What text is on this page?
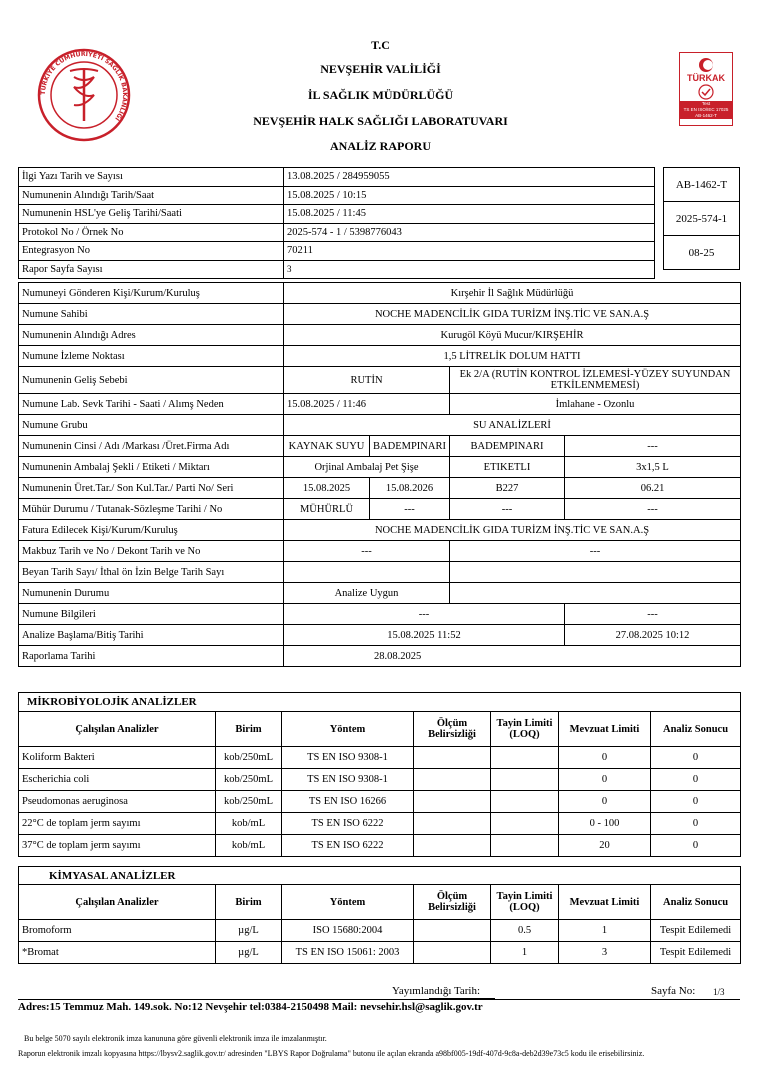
T.C
NEVŞEHİR VALİLİĞİ
İL SAĞLIK MÜDÜRLÜĞÜ
NEVŞEHİR HALK SAĞLIĞI LABORATUVARI
ANALİZ RAPORU
TÜRKİYE CUMHURİYETİ SAĞLIK BAKANLIĞI
TÜRKAK
Test
TS EN ISO/IEC 17025
AB-1462-T
AB-1462-T
2025-574-1
08-25
İlgi Yazı Tarih ve Sayısı	13.08.2025 / 284959055
Numunenin Alındığı Tarih/Saat	15.08.2025 / 10:15
Numunenin HSL'ye Geliş Tarihi/Saati	15.08.2025 / 11:45
Protokol No / Örnek No	2025-574 - 1 / 5398776043
Entegrasyon No	70211
Rapor Sayfa Sayısı	3
Numuneyi Gönderen Kişi/Kurum/Kuruluş	Kırşehir İl Sağlık Müdürlüğü			
Numune Sahibi	NOCHE MADENCİLİK GIDA TURİZM İNŞ.TİC VE SAN.A.Ş			
Numunenin Alındığı Adres	Kurugöl Köyü Mucur/KIRŞEHİR			
Numune İzleme Noktası	1,5 LİTRELİK DOLUM HATTI			
Numunenin Geliş Sebebi	RUTİN		Ek 2/A (RUTİN KONTROL İZLEMESİ-YÜZEY SUYUNDAN ETKİLENMEMESİ)	
Numune Lab. Sevk Tarihi - Saati / Alımş Neden	15.08.2025 / 11:46		İmlahane - Ozonlu	
Numune Grubu	SU ANALİZLERİ			
Numunenin Cinsi / Adı /Markası /Üret.Firma Adı	KAYNAK SUYU	BADEMPINARI	BADEMPINARI	---
Numunenin Ambalaj Şekli / Etiketi / Miktarı	Orjinal Ambalaj Pet Şişe		ETIKETLI	3x1,5 L
Numunenin Üret.Tar./ Son Kul.Tar./ Parti No/ Seri	15.08.2025	15.08.2026	B227	06.21
Mühür Durumu / Tutanak-Sözleşme Tarihi / No	MÜHÜRLÜ	---	---	---
Fatura Edilecek Kişi/Kurum/Kuruluş	NOCHE MADENCİLİK GIDA TURİZM İNŞ.TİC VE SAN.A.Ş			
Makbuz Tarih ve No / Dekont Tarih ve No	---		---	
Beyan Tarih Sayı/ İthal ön İzin Belge Tarih Sayı				
Numunenin Durumu	Analize Uygun			
Numune Bilgileri	---			---
Analize Başlama/Bitiş Tarihi	15.08.2025 11:52			27.08.2025 10:12
Raporlama Tarihi	28.08.2025			
MİKROBİYOLOJİK ANALİZLER						
Çalışılan Analizler	Birim	Yöntem	Ölçüm Belirsizliği	Tayin Limiti (LOQ)	Mevzuat Limiti	Analiz Sonucu
Koliform Bakteri	kob/250mL	TS EN ISO 9308-1			0	0
Escherichia coli	kob/250mL	TS EN ISO 9308-1			0	0
Pseudomonas aeruginosa	kob/250mL	TS EN ISO 16266			0	0
22°C de toplam jerm sayımı	kob/mL	TS EN ISO 6222			0 - 100	0
37°C de toplam jerm sayımı	kob/mL	TS EN ISO 6222			20	0
KİMYASAL ANALİZLER						
Çalışılan Analizler	Birim	Yöntem	Ölçüm Belirsizliği	Tayin Limiti (LOQ)	Mevzuat Limiti	Analiz Sonucu
Bromoform	µg/L	ISO 15680:2004		0.5	1	Tespit Edilemedi
*Bromat	µg/L	TS EN ISO 15061: 2003		1	3	Tespit Edilemedi
Yayımlandığı Tarih:	Sayfa No: 1/3
Adres:15 Temmuz Mah. 149.sok. No:12 Nevşehir tel:0384-2150498 Mail: nevsehir.hsl@saglik.gov.tr
Bu belge 5070 sayılı elektronik imza kanununa göre güvenli elektronik imza ile imzalanmıştır.
Raporun elektronik imzalı kopyasına https://lbysv2.saglik.gov.tr/ adresinden "LBYS Rapor Doğrulama" butonu ile açılan ekranda a98bf005-19df-407d-9c8a-deb2d39e73c5 kodu ile erisebilirsiniz.
